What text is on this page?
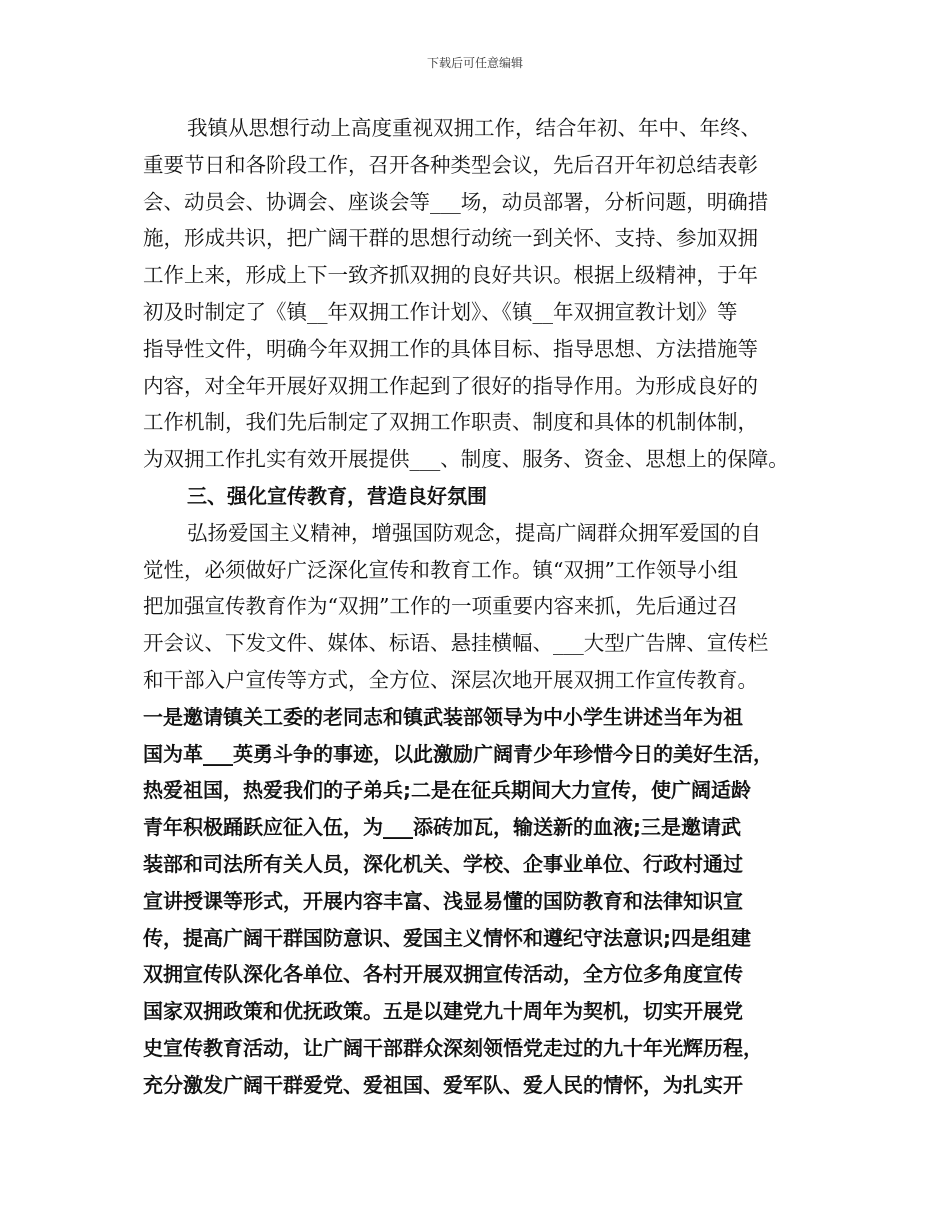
下载后可任意编辑
我镇从思想行动上高度重视双拥工作，结合年初、年中、年终、
重要节日和各阶段工作，召开各种类型会议，先后召开年初总结表彰
会、动员会、协调会、座谈会等___场，动员部署，分析问题，明确措
施，形成共识，把广阔干群的思想行动统一到关怀、支持、参加双拥
工作上来，形成上下一致齐抓双拥的良好共识。根据上级精神，于年
初及时制定了《镇__年双拥工作计划》、《镇__年双拥宣教计划》等
指导性文件，明确今年双拥工作的具体目标、指导思想、方法措施等
内容，对全年开展好双拥工作起到了很好的指导作用。为形成良好的
工作机制，我们先后制定了双拥工作职责、制度和具体的机制体制，
为双拥工作扎实有效开展提供___、制度、服务、资金、思想上的保障。
三、强化宣传教育，营造良好氛围
弘扬爱国主义精神，增强国防观念，提高广阔群众拥军爱国的自
觉性，必须做好广泛深化宣传和教育工作。镇“双拥”工作领导小组
把加强宣传教育作为“双拥”工作的一项重要内容来抓，先后通过召
开会议、下发文件、媒体、标语、悬挂横幅、___大型广告牌、宣传栏
和干部入户宣传等方式，全方位、深层次地开展双拥工作宣传教育。
一是邀请镇关工委的老同志和镇武装部领导为中小学生讲述当年为祖
国为革___英勇斗争的事迹，以此激励广阔青少年珍惜今日的美好生活，
热爱祖国，热爱我们的子弟兵;二是在征兵期间大力宣传，使广阔适龄
青年积极踊跃应征入伍，为___添砖加瓦，输送新的血液;三是邀请武
装部和司法所有关人员，深化机关、学校、企事业单位、行政村通过
宣讲授课等形式，开展内容丰富、浅显易懂的国防教育和法律知识宣
传，提高广阔干群国防意识、爱国主义情怀和遵纪守法意识;四是组建
双拥宣传队深化各单位、各村开展双拥宣传活动，全方位多角度宣传
国家双拥政策和优抚政策。五是以建党九十周年为契机，切实开展党
史宣传教育活动，让广阔干部群众深刻领悟党走过的九十年光辉历程，
充分激发广阔干群爱党、爱祖国、爱军队、爱人民的情怀，为扎实开
